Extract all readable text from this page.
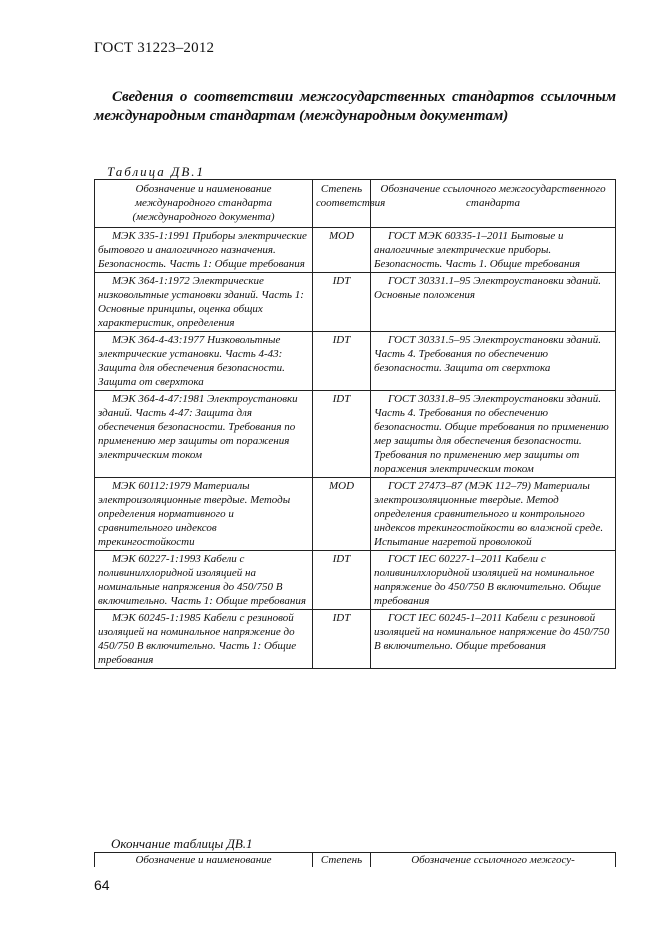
ГОСТ 31223–2012
Сведения о соответствии межгосударственных стандартов ссылочным международным стандартам (международным документам)
Таблица ДВ.1
Обозначение и наименование международного стандарта (международного документа)	Степень соответствия	Обозначение ссылочного межгосударственного стандарта
МЭК 335-1:1991 Приборы электрические бытового и аналогичного назначения. Безопасность. Часть 1: Общие требования	MOD	ГОСТ МЭК 60335-1–2011 Бытовые и аналогичные электрические приборы. Безопасность. Часть 1. Общие требования
МЭК 364-1:1972 Электрические низковольтные установки зданий. Часть 1: Основные принципы, оценка общих характеристик, определения	IDT	ГОСТ 30331.1–95 Электроустановки зданий. Основные положения
МЭК 364-4-43:1977 Низковольтные электрические установки. Часть 4-43: Защита для обеспечения безопасности. Защита от сверхтока	IDT	ГОСТ 30331.5–95 Электроустановки зданий. Часть 4. Требования по обеспечению безопасности. Защита от сверхтока
МЭК 364-4-47:1981 Электроустановки зданий. Часть 4-47: Защита для обеспечения безопасности. Требования по применению мер защиты от поражения электрическим током	IDT	ГОСТ 30331.8–95 Электроустановки зданий. Часть 4. Требования по обеспечению безопасности. Общие требования по применению мер защиты для обеспечения безопасности. Требования по применению мер защиты от поражения электрическим током
МЭК 60112:1979 Материалы электроизоляционные твердые. Методы определения нормативного и сравнительного индексов трекингостойкости	MOD	ГОСТ 27473–87 (МЭК 112–79) Материалы электроизоляционные твердые. Метод определения сравнительного и контрольного индексов трекингостойкости во влажной среде. Испытание нагретой проволокой
МЭК 60227-1:1993 Кабели с поливинилхлоридной изоляцией на номинальные напряжения до 450/750 В включительно. Часть 1: Общие требования	IDT	ГОСТ IEC 60227-1–2011 Кабели с поливинилхлоридной изоляцией на номинальное напряжение до 450/750 В включительно. Общие требования
МЭК 60245-1:1985 Кабели с резиновой изоляцией на номинальное напряжение до 450/750 В включительно. Часть 1: Общие требования	IDT	ГОСТ IEC 60245-1–2011 Кабели с резиновой изоляцией на номинальное напряжение до 450/750 В включительно. Общие требования
Окончание таблицы ДВ.1
Обозначение и наименование	Степень	Обозначение ссылочного межгосу-
64
